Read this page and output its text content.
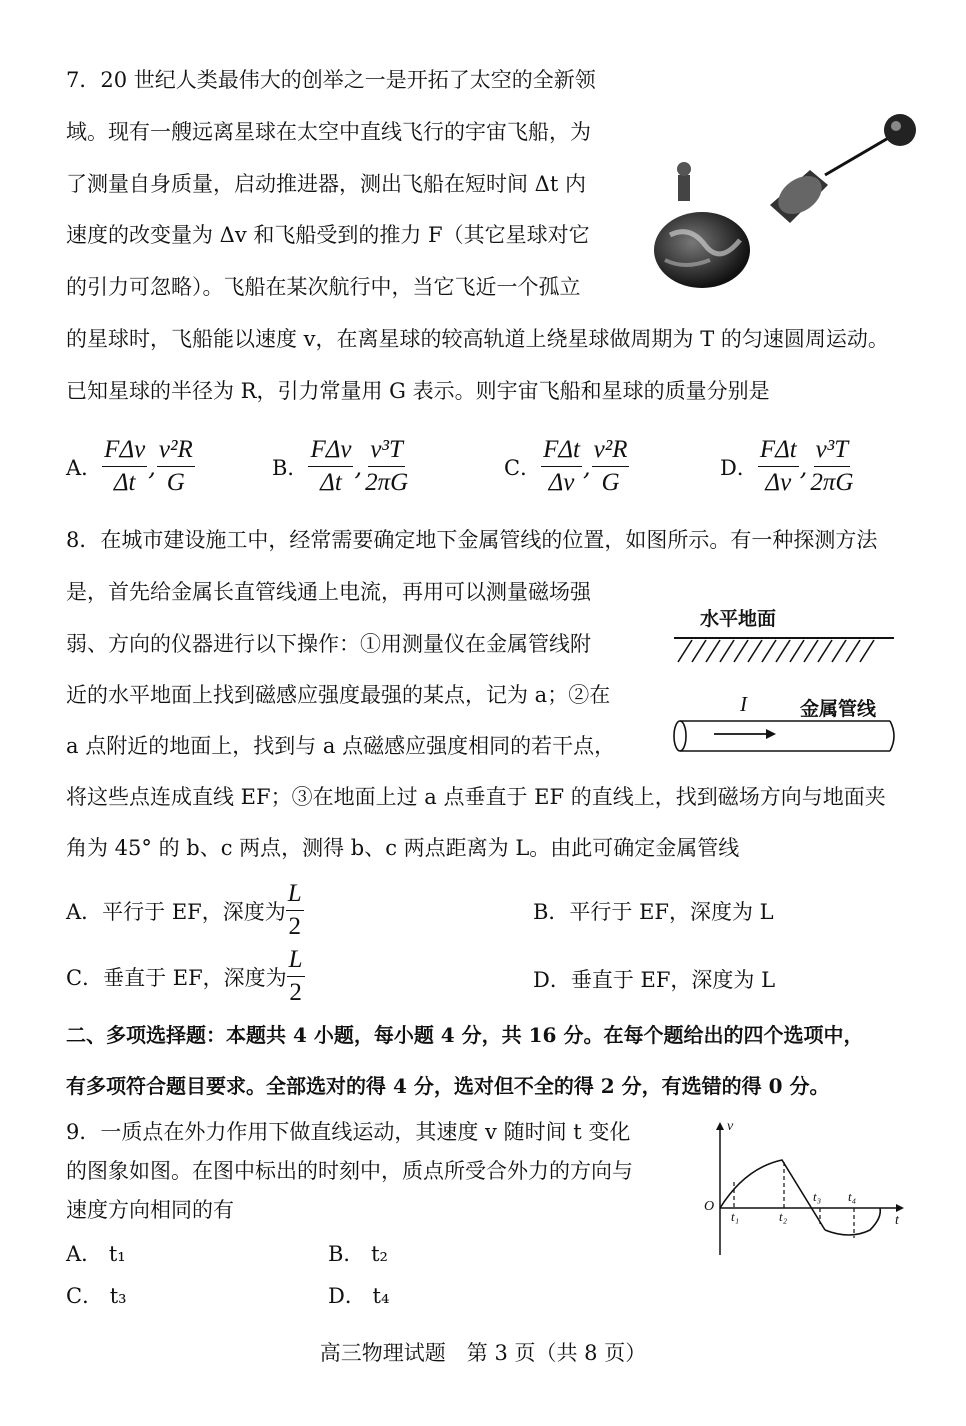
7．20 世纪人类最伟大的创举之一是开拓了太空的全新领
域。现有一艘远离星球在太空中直线飞行的宇宙飞船，为
了测量自身质量，启动推进器，测出飞船在短时间 Δt 内
速度的改变量为 Δv 和飞船受到的推力 F（其它星球对它
的引力可忽略）。飞船在某次航行中，当它飞近一个孤立
的星球时，飞船能以速度 v，在离星球的较高轨道上绕星球做周期为 T 的匀速圆周运动。
已知星球的半径为 R，引力常量用 G 表示。则宇宙飞船和星球的质量分别是
A． $\frac{\text{FΔv}}{\Delta t}$ , $\frac{\text{v²R}}{G}$	B． $\frac{\text{FΔv}}{\Delta t}$ , $\frac{\text{v³T}}{2\pi G}$	C． $\frac{\text{FΔt}}{\Delta v}$ , $\frac{\text{v²R}}{G}$	D． $\frac{\text{FΔt}}{\Delta v}$ , $\frac{\text{v³T}}{2\pi G}$
8．在城市建设施工中，经常需要确定地下金属管线的位置，如图所示。有一种探测方法
是，首先给金属长直管线通上电流，再用可以测量磁场强
弱、方向的仪器进行以下操作：①用测量仪在金属管线附
近的水平地面上找到磁感应强度最强的某点，记为 a；②在
a 点附近的地面上，找到与 a 点磁感应强度相同的若干点，
将这些点连成直线 EF；③在地面上过 a 点垂直于 EF 的直线上，找到磁场方向与地面夹
角为 45° 的 b、c 两点，测得 b、c 两点距离为 L。由此可确定金属管线
水平地面
I	金属管线
A．平行于 EF，深度为 $\frac{L}{2}$	B．平行于 EF，深度为 L
C．垂直于 EF，深度为 $\frac{L}{2}$	D．垂直于 EF，深度为 L
二、多项选择题：本题共 4 小题，每小题 4 分，共 16 分。在每个题给出的四个选项中，
有多项符合题目要求。全部选对的得 4 分，选对但不全的得 2 分，有选错的得 0 分。
9．一质点在外力作用下做直线运动，其速度 v 随时间 t 变化
的图象如图。在图中标出的时刻中，质点所受合外力的方向与
速度方向相同的有
v
t
O
t₁	t₂
t₃ t₄
A． t₁	B． t₂
C． t₃	D． t₄
高三物理试题　第 3 页（共 8 页）
